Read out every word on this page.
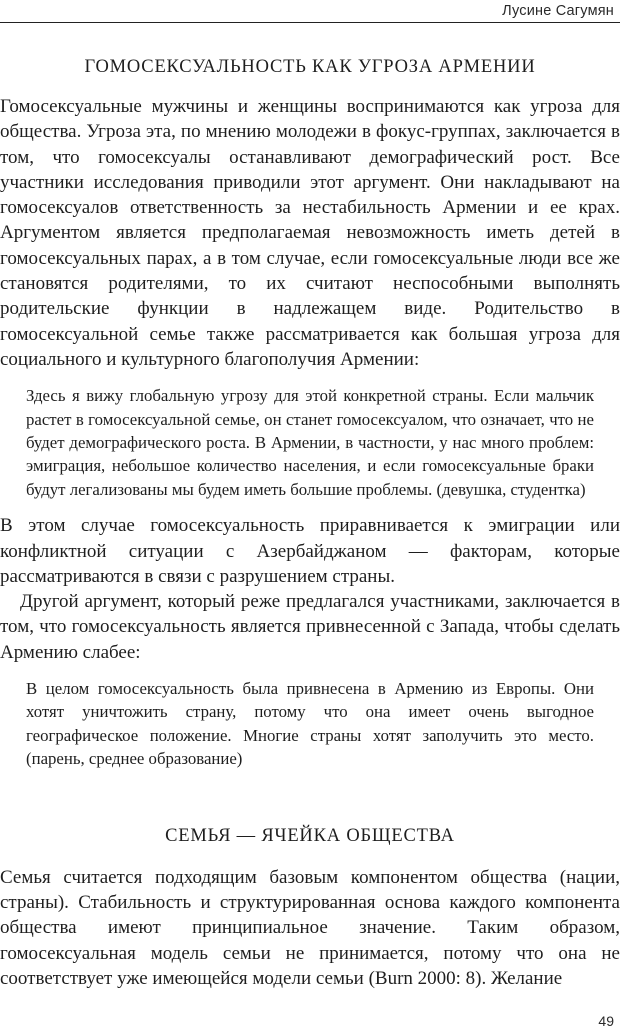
Лусине Сагумян
ГОМОСЕКСУАЛЬНОСТЬ КАК УГРОЗА АРМЕНИИ

Гомосексуальные мужчины и женщины воспринимаются как угроза для общества. Угроза эта, по мнению молодежи в фокус-группах, заключается в том, что гомосексуалы останавливают демографический рост. Все участники исследования приводили этот аргумент. Они накладывают на гомосексуалов ответственность за нестабильность Армении и ее крах. Аргументом является предполагаемая невозможность иметь детей в гомосексуальных парах, а в том случае, если гомосексуальные люди все же становятся родителями, то их считают неспособными выполнять родительские функции в надлежащем виде. Родительство в гомосексуальной семье также рассматривается как большая угроза для социального и культурного благополучия Армении:

Здесь я вижу глобальную угрозу для этой конкретной страны. Если мальчик растет в гомосексуальной семье, он станет гомосексуалом, что означает, что не будет демографического роста. В Армении, в частности, у нас много проблем: эмиграция, небольшое количество населения, и если гомосексуальные браки будут легализованы мы будем иметь большие проблемы. (девушка, студентка)

В этом случае гомосексуальность приравнивается к эмиграции или конфликтной ситуации с Азербайджаном — факторам, которые рассматриваются в связи с разрушением страны.

Другой аргумент, который реже предлагался участниками, заключается в том, что гомосексуальность является привнесенной с Запада, чтобы сделать Армению слабее:

В целом гомосексуальность была привнесена в Армению из Европы. Они хотят уничтожить страну, потому что она имеет очень выгодное географическое положение. Многие страны хотят заполучить это место. (парень, среднее образование)
СЕМЬЯ — ЯЧЕЙКА ОБЩЕСТВА

Семья считается подходящим базовым компонентом общества (нации, страны). Стабильность и структурированная основа каждого компонента общества имеют принципиальное значение. Таким образом, гомосексуальная модель семьи не принимается, потому что она не соответствует уже имеющейся модели семьи (Burn 2000: 8). Желание

49
